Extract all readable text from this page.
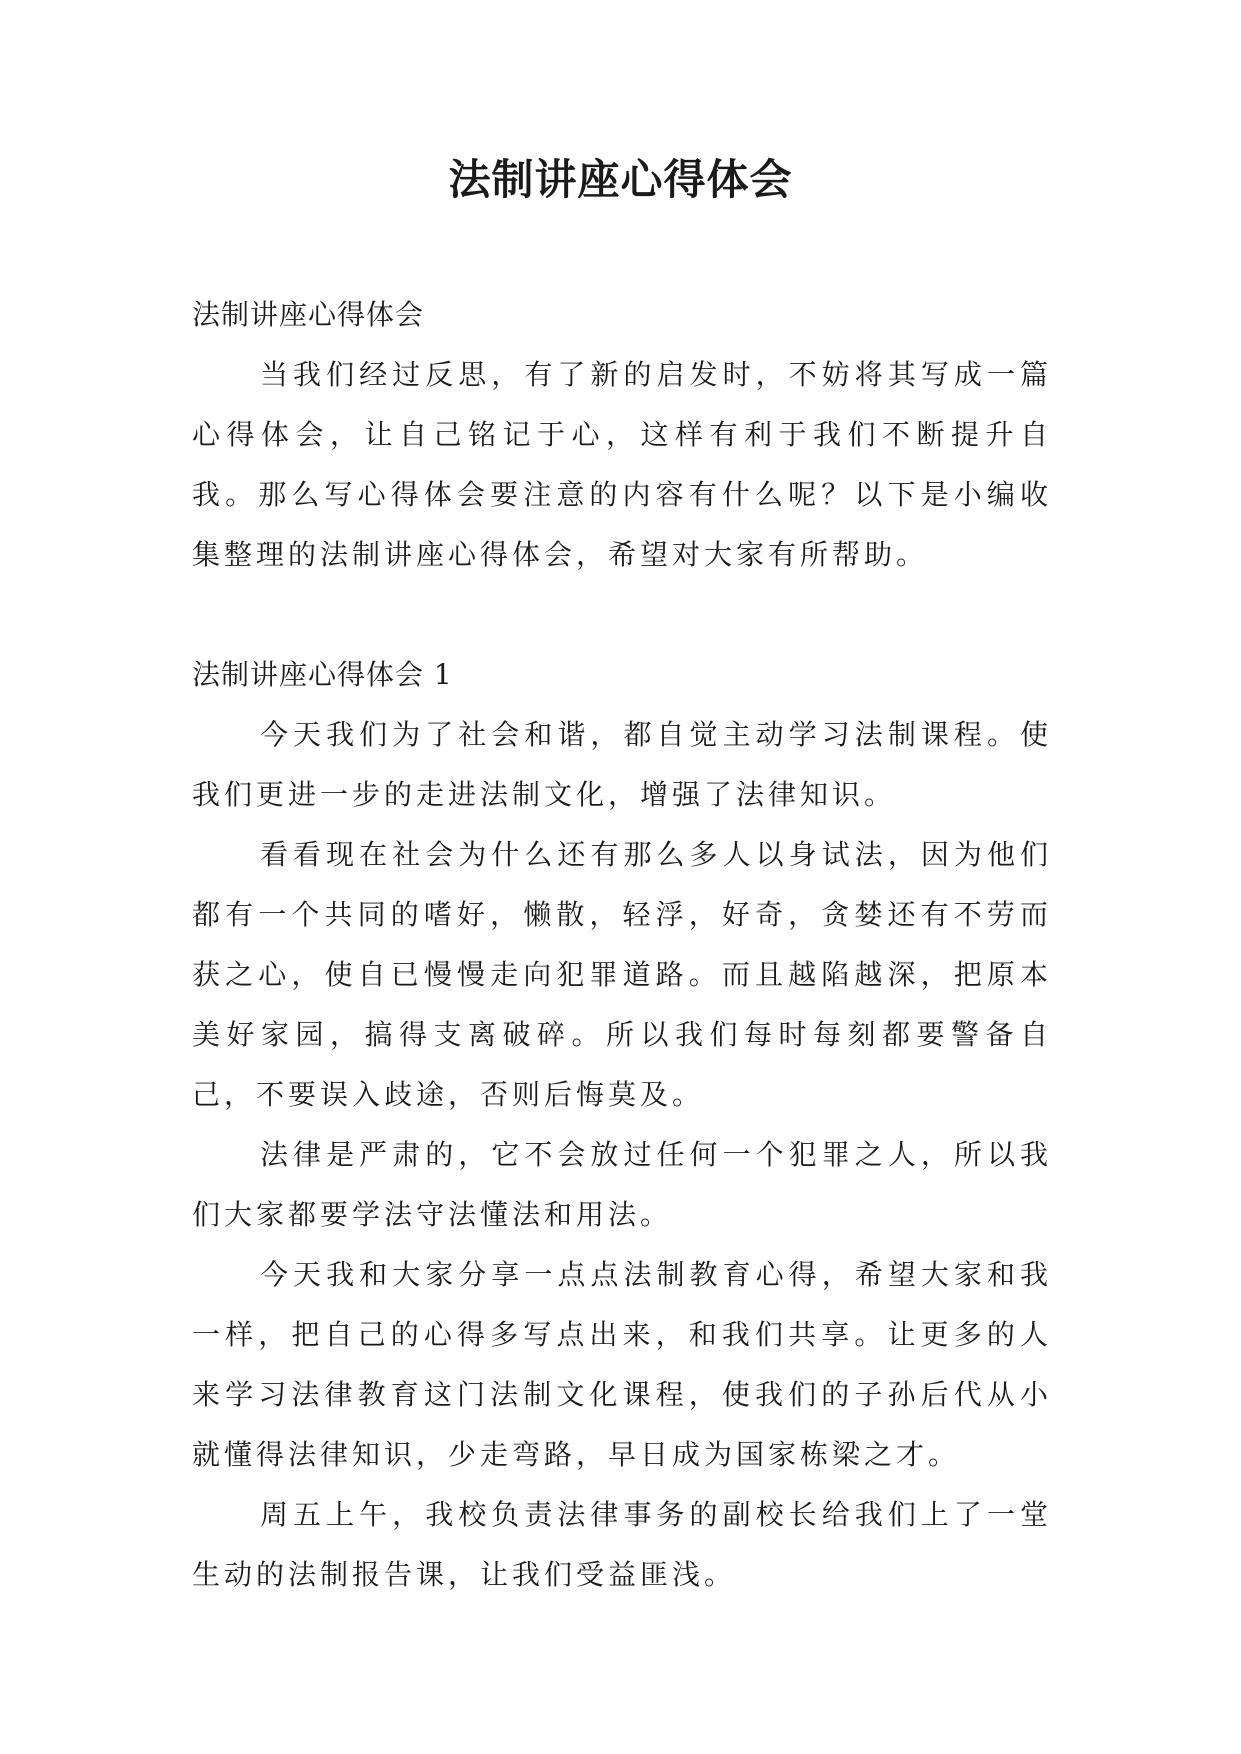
法制讲座心得体会

法制讲座心得体会

当我们经过反思，有了新的启发时，不妨将其写成一篇心得体会，让自己铭记于心，这样有利于我们不断提升自我。那么写心得体会要注意的内容有什么呢？以下是小编收集整理的法制讲座心得体会，希望对大家有所帮助。

法制讲座心得体会 1

今天我们为了社会和谐，都自觉主动学习法制课程。使我们更进一步的走进法制文化，增强了法律知识。

看看现在社会为什么还有那么多人以身试法，因为他们都有一个共同的嗜好，懒散，轻浮，好奇，贪婪还有不劳而获之心，使自已慢慢走向犯罪道路。而且越陷越深，把原本美好家园，搞得支离破碎。所以我们每时每刻都要警备自己，不要误入歧途，否则后悔莫及。

法律是严肃的，它不会放过任何一个犯罪之人，所以我们大家都要学法守法懂法和用法。

今天我和大家分享一点点法制教育心得，希望大家和我一样，把自己的心得多写点出来，和我们共享。让更多的人来学习法律教育这门法制文化课程，使我们的子孙后代从小就懂得法律知识，少走弯路，早日成为国家栋梁之才。

周五上午，我校负责法律事务的副校长给我们上了一堂生动的法制报告课，让我们受益匪浅。
